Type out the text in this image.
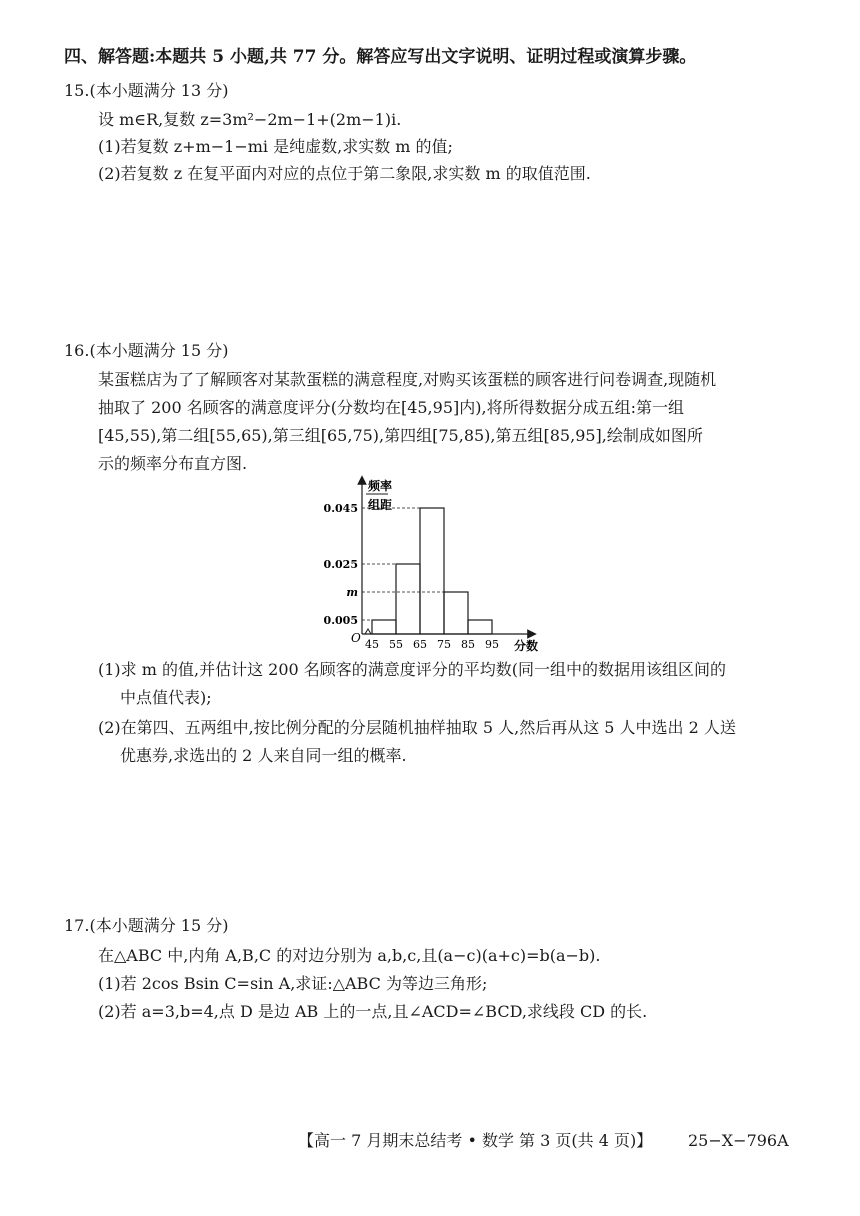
四、解答题:本题共 5 小题,共 77 分。解答应写出文字说明、证明过程或演算步骤。
15.(本小题满分 13 分)
设 m∈R,复数 z=3m²−2m−1+(2m−1)i.
(1)若复数 z+m−1−mi 是纯虚数,求实数 m 的值;
(2)若复数 z 在复平面内对应的点位于第二象限,求实数 m 的取值范围.
16.(本小题满分 15 分)
某蛋糕店为了了解顾客对某款蛋糕的满意程度,对购买该蛋糕的顾客进行问卷调查,现随机
抽取了 200 名顾客的满意度评分(分数均在[45,95]内),将所得数据分成五组:第一组
[45,55),第二组[55,65),第三组[65,75),第四组[75,85),第五组[85,95],绘制成如图所
示的频率分布直方图.
频率
组距
O
0.045
0.025
m
0.005
45 55 65 75 85 95 分数
(1)求 m 的值,并估计这 200 名顾客的满意度评分的平均数(同一组中的数据用该组区间的
中点值代表);
(2)在第四、五两组中,按比例分配的分层随机抽样抽取 5 人,然后再从这 5 人中选出 2 人送
优惠券,求选出的 2 人来自同一组的概率.
17.(本小题满分 15 分)
在△ABC 中,内角 A,B,C 的对边分别为 a,b,c,且(a−c)(a+c)=b(a−b).
(1)若 2cos Bsin C=sin A,求证:△ABC 为等边三角形;
(2)若 a=3,b=4,点 D 是边 AB 上的一点,且∠ACD=∠BCD,求线段 CD 的长.
【高一 7 月期末总结考 • 数学 第 3 页(共 4 页)】 25−X−796A
